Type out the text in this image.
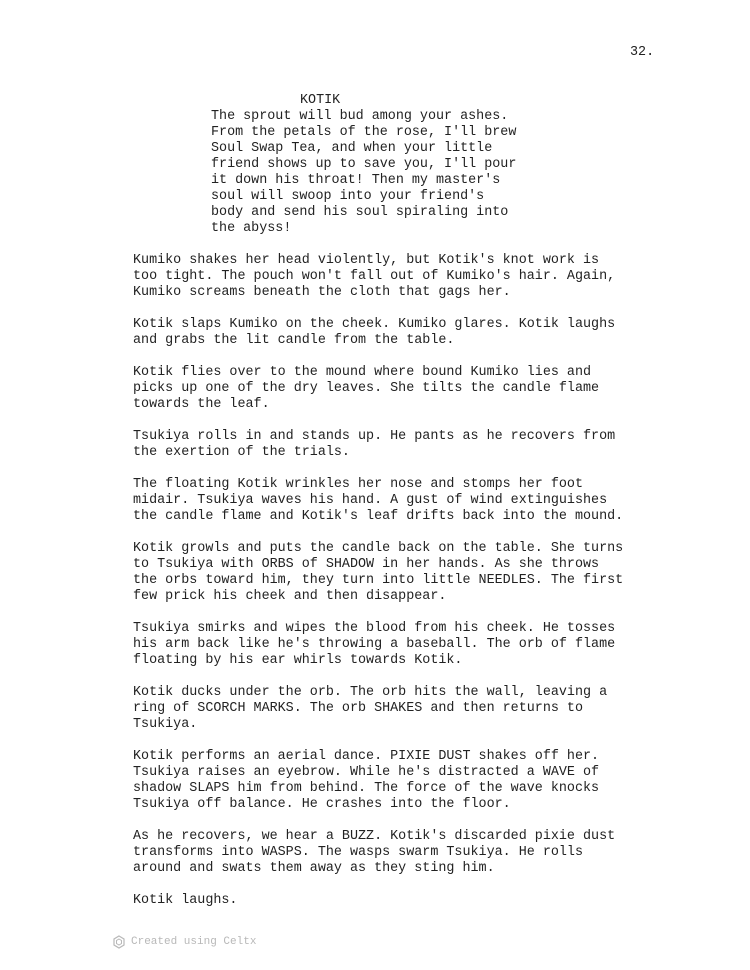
32.

KOTIK

The sprout will bud among your ashes.
From the petals of the rose, I'll brew
Soul Swap Tea, and when your little
friend shows up to save you, I'll pour
it down his throat! Then my master's
soul will swoop into your friend's
body and send his soul spiraling into
the abyss!

Kumiko shakes her head violently, but Kotik's knot work is
too tight. The pouch won't fall out of Kumiko's hair. Again,
Kumiko screams beneath the cloth that gags her.

Kotik slaps Kumiko on the cheek. Kumiko glares. Kotik laughs
and grabs the lit candle from the table.

Kotik flies over to the mound where bound Kumiko lies and
picks up one of the dry leaves. She tilts the candle flame
towards the leaf.

Tsukiya rolls in and stands up. He pants as he recovers from
the exertion of the trials.

The floating Kotik wrinkles her nose and stomps her foot
midair. Tsukiya waves his hand. A gust of wind extinguishes
the candle flame and Kotik's leaf drifts back into the mound.

Kotik growls and puts the candle back on the table. She turns
to Tsukiya with ORBS of SHADOW in her hands. As she throws
the orbs toward him, they turn into little NEEDLES. The first
few prick his cheek and then disappear.

Tsukiya smirks and wipes the blood from his cheek. He tosses
his arm back like he's throwing a baseball. The orb of flame
floating by his ear whirls towards Kotik.

Kotik ducks under the orb. The orb hits the wall, leaving a
ring of SCORCH MARKS. The orb SHAKES and then returns to
Tsukiya.

Kotik performs an aerial dance. PIXIE DUST shakes off her.
Tsukiya raises an eyebrow. While he's distracted a WAVE of
shadow SLAPS him from behind. The force of the wave knocks
Tsukiya off balance. He crashes into the floor.

As he recovers, we hear a BUZZ. Kotik's discarded pixie dust
transforms into WASPS. The wasps swarm Tsukiya. He rolls
around and swats them away as they sting him.

Kotik laughs.

Created using Celtx
